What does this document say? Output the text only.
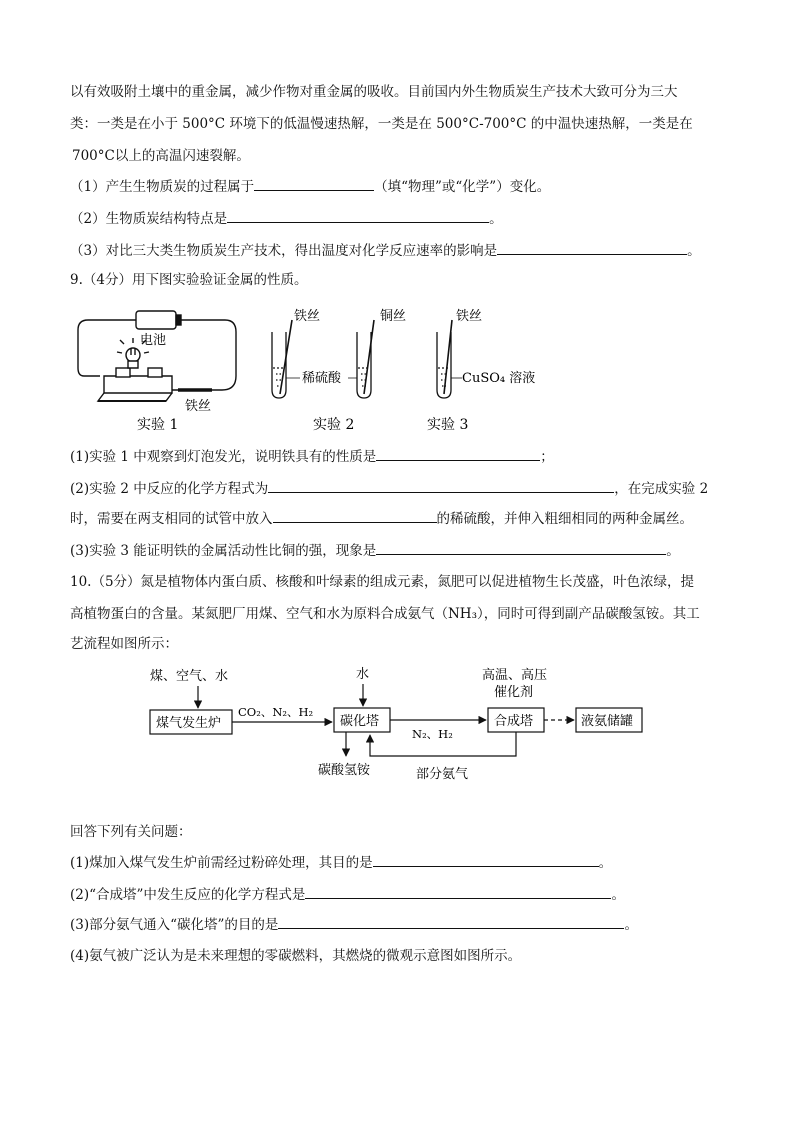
以有效吸附土壤中的重金属，减少作物对重金属的吸收。目前国内外生物质炭生产技术大致可分为三大
类：一类是在小于 500°C 环境下的低温慢速热解，一类是在 500°C-700°C 的中温快速热解，一类是在
700°C以上的高温闪速裂解。
（1）产生生物质炭的过程属于	（填“物理”或“化学”）变化。
（2）生物质炭结构特点是	。
（3）对比三大类生物质炭生产技术，得出温度对化学反应速率的影响是	。
9.（4分）用下图实验验证金属的性质。
电池
铁丝
实验 1
铁丝	铜丝
稀硫酸
实验 2
铁丝
CuSO₄ 溶液
实验 3
(1)实验 1 中观察到灯泡发光，说明铁具有的性质是	；
(2)实验 2 中反应的化学方程式为	，在完成实验 2
时，需要在两支相同的试管中放入	的稀硫酸，并伸入粗细相同的两种金属丝。
(3)实验 3 能证明铁的金属活动性比铜的强，现象是	。
10.（5分）氮是植物体内蛋白质、核酸和叶绿素的组成元素，氮肥可以促进植物生长茂盛，叶色浓绿，提
高植物蛋白的含量。某氮肥厂用煤、空气和水为原料合成氨气（NH₃），同时可得到副产品碳酸氢铵。其工
艺流程如图所示：
煤、空气、水
煤气发生炉
CO₂、N₂、H₂
水
碳化塔
N₂、H₂
高温、高压
催化剂
合成塔	液氨储罐
碳酸氢铵	部分氨气
回答下列有关问题：
(1)煤加入煤气发生炉前需经过粉碎处理，其目的是	。
(2)“合成塔”中发生反应的化学方程式是	。
(3)部分氨气通入“碳化塔”的目的是	。
(4)氨气被广泛认为是未来理想的零碳燃料，其燃烧的微观示意图如图所示。
